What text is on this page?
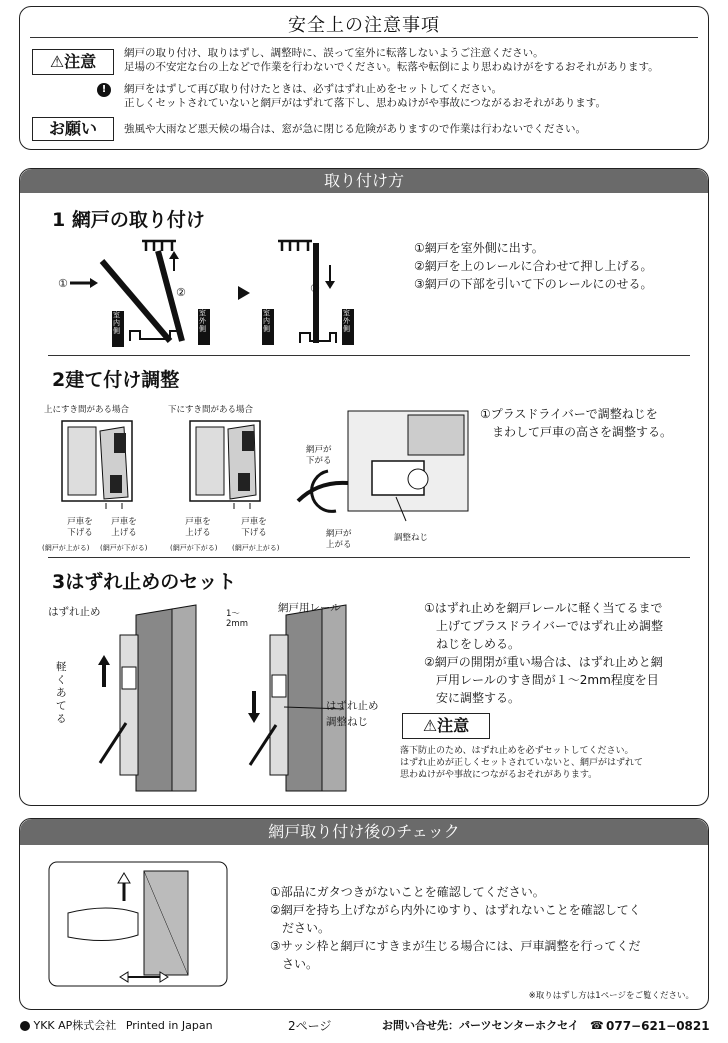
安全上の注意事項
⚠注意	網戸の取り付け、取りはずし、調整時に、誤って室外に転落しないようご注意ください。
足場の不安定な台の上などで作業を行わないでください。転落や転倒により思わぬけがをするおそれがあります。
!	網戸をはずして再び取り付けたときは、必ずはずれ止めをセットしてください。
正しくセットされていないと網戸がはずれて落下し、思わぬけがや事故につながるおそれがあります。
お願い	強風や大雨など悪天候の場合は、窓が急に閉じる危険がありますので作業は行わないでください。
取り付け方
1 網戸の取り付け
①
②	③
室内側
室外側
室内側
室外側
①網戸を室外側に出す。
②網戸を上のレールに合わせて押し上げる。
③網戸の下部を引いて下のレールにのせる。
2建て付け調整
上にすき間がある場合	下にすき間がある場合
戸車を
下げる
戸車を
上げる
戸車を
上げる
戸車を
下げる
(網戸が上がる) (網戸が下がる)	(網戸が下がる) (網戸が上がる)
網戸が
下がる
網戸が
上がる
調整ねじ
①プラスドライバーで調整ねじを
まわして戸車の高さを調整する。
3はずれ止めのセット
はずれ止め
軽くあてる
1〜2mm
網戸用レール
はずれ止め
調整ねじ
①はずれ止めを網戸レールに軽く当てるまで
上げてプラスドライバーではずれ止め調整
ねじをしめる。
②網戸の開閉が重い場合は、はずれ止めと網
戸用レールのすき間が１〜2mm程度を目
安に調整する。
⚠注意
落下防止のため、はずれ止めを必ずセットしてください。
はずれ止めが正しくセットされていないと、網戸がはずれて
思わぬけがや事故につながるおそれがあります。
網戸取り付け後のチェック
①部品にガタつきがないことを確認してください。
②網戸を持ち上げながら内外にゆすり、はずれないことを確認してく
ださい。
③サッシ枠と網戸にすきまが生じる場合には、戸車調整を行ってくだ
さい。
※取りはずし方は1ページをご覧ください。
YKK AP株式会社 Printed in Japan	2ページ	お問い合せ先：パーツセンターホクセイ ☎ 077−621−0821
